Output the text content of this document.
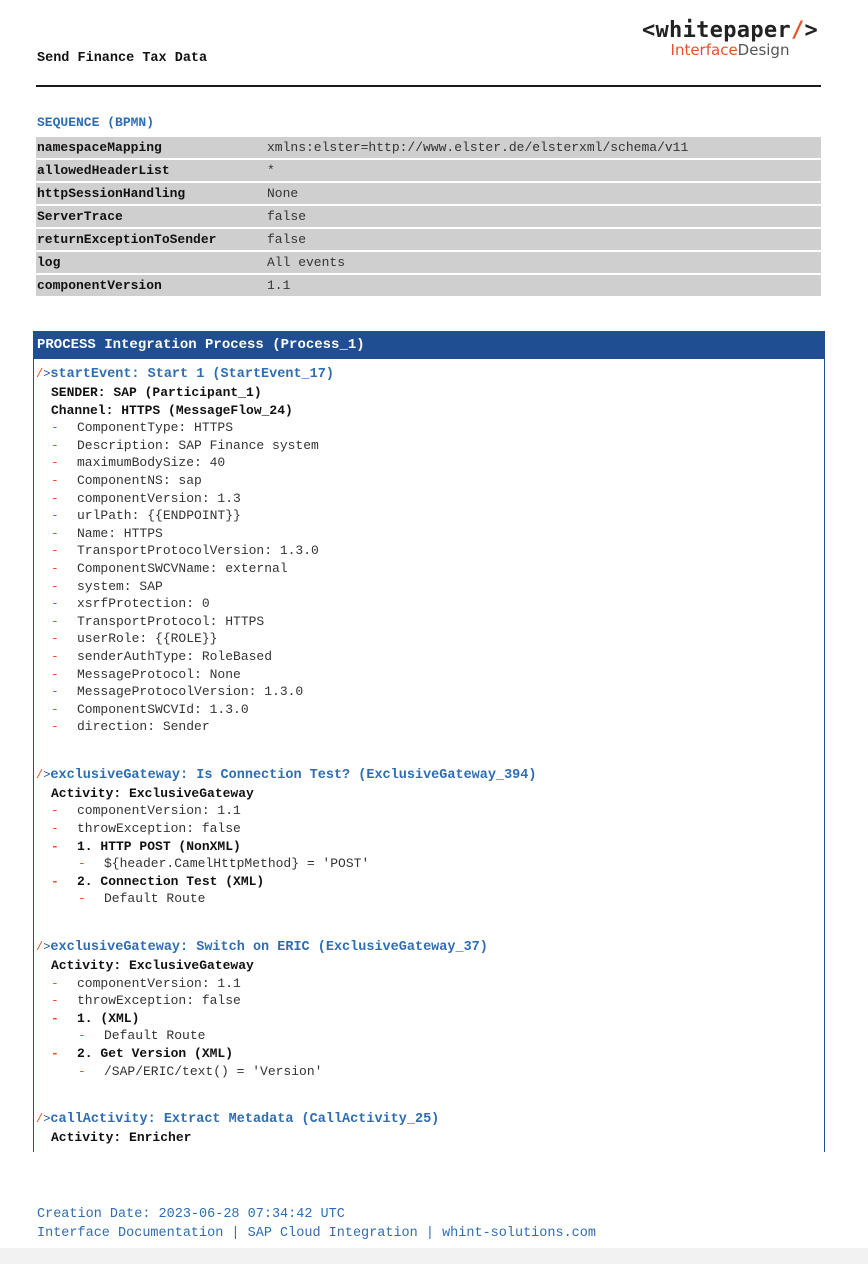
Send Finance Tax Data
<whitepaper/>
InterfaceDesign
SEQUENCE (BPMN)
namespaceMapping	xmlns:elster=http://www.elster.de/elsterxml/schema/v11
allowedHeaderList	*
httpSessionHandling	None
ServerTrace	false
returnExceptionToSender	false
log	All events
componentVersion	1.1
PROCESS Integration Process (Process_1)
/>startEvent: Start 1 (StartEvent_17)
SENDER: SAP (Participant_1)
Channel: HTTPS (MessageFlow_24)
- ComponentType: HTTPS
- Description: SAP Finance system
- maximumBodySize: 40
- ComponentNS: sap
- componentVersion: 1.3
- urlPath: {{ENDPOINT}}
- Name: HTTPS
- TransportProtocolVersion: 1.3.0
- ComponentSWCVName: external
- system: SAP
- xsrfProtection: 0
- TransportProtocol: HTTPS
- userRole: {{ROLE}}
- senderAuthType: RoleBased
- MessageProtocol: None
- MessageProtocolVersion: 1.3.0
- ComponentSWCVId: 1.3.0
- direction: Sender
/>exclusiveGateway: Is Connection Test? (ExclusiveGateway_394)
Activity: ExclusiveGateway
- componentVersion: 1.1
- throwException: false
- 1. HTTP POST (NonXML)
- ${header.CamelHttpMethod} = 'POST'
- 2. Connection Test (XML)
- Default Route
/>exclusiveGateway: Switch on ERIC (ExclusiveGateway_37)
Activity: ExclusiveGateway
- componentVersion: 1.1
- throwException: false
- 1. (XML)
- Default Route
- 2. Get Version (XML)
- /SAP/ERIC/text() = 'Version'
/>callActivity: Extract Metadata (CallActivity_25)
Activity: Enricher
Creation Date: 2023-06-28 07:34:42 UTC
Interface Documentation | SAP Cloud Integration | whint-solutions.com
